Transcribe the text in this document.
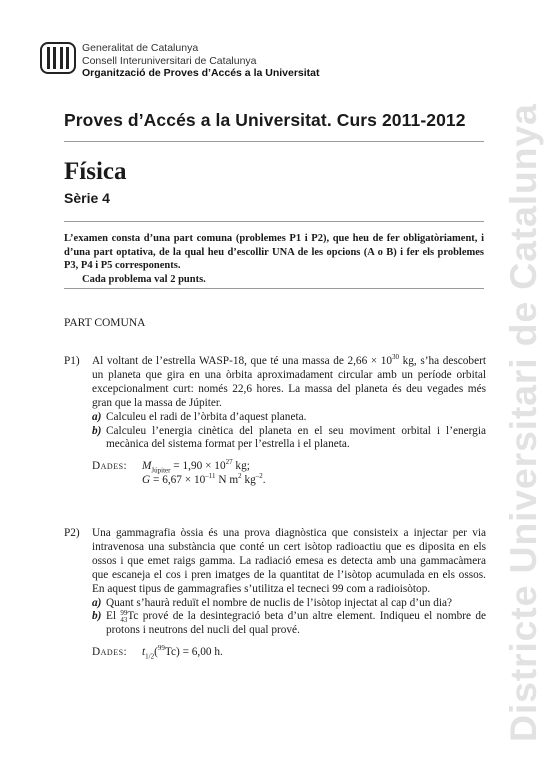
Generalitat de Catalunya
Consell Interuniversitari de Catalunya
Organització de Proves d’Accés a la Universitat
Proves d’Accés a la Universitat. Curs 2011-2012
Física
Sèrie 4
L’examen consta d’una part comuna (problemes P1 i P2), que heu de fer obligatòriament, i d’una part optativa, de la qual heu d’escollir UNA de les opcions (A o B) i fer els problemes P3, P4 i P5 corresponents.
Cada problema val 2 punts.
PART COMUNA
P1)	Al voltant de l’estrella WASP-18, que té una massa de $2,66 \times 10^{30}$ kg, s’ha descobert un planeta que gira en una òrbita aproximadament circular amb un període orbital excepcionalment curt: només 22,6 hores. La massa del planeta és deu vegades més gran que la massa de Júpiter.
a) Calculeu el radi de l’òrbita d’aquest planeta.
b) Calculeu l’energia cinètica del planeta en el seu moviment orbital i l’energia mecànica del sistema format per l’estrella i el planeta.
Dades:	$M_{Júpiter} = 1,90 \times 10^{27}$ kg;
$G = 6,67 \times 10^{-11}$ N $m^2$ $kg^{-2}$.
P2)	Una gammagrafia òssia és una prova diagnòstica que consisteix a injectar per via intravenosa una substància que conté un cert isòtop radioactiu que es diposita en els ossos i que emet raigs gamma. La radiació emesa es detecta amb una gammacàmera que escaneja el cos i pren imatges de la quantitat de l’isòtop acumulada en els ossos. En aquest tipus de gammagrafies s’utilitza el tecneci 99 com a radioisòtop.
a) Quant s’haurà reduït el nombre de nuclis de l’isòtop injectat al cap d’un dia?
b) El 99
43 Tc prové de la desintegració beta d’un altre element. Indiqueu el nombre de protons i neutrons del nucli del qual prové.
Dades:	$t_{1/2}(^{99}Tc) = 6,00$ h.	Districte Universitari de Catalunya
